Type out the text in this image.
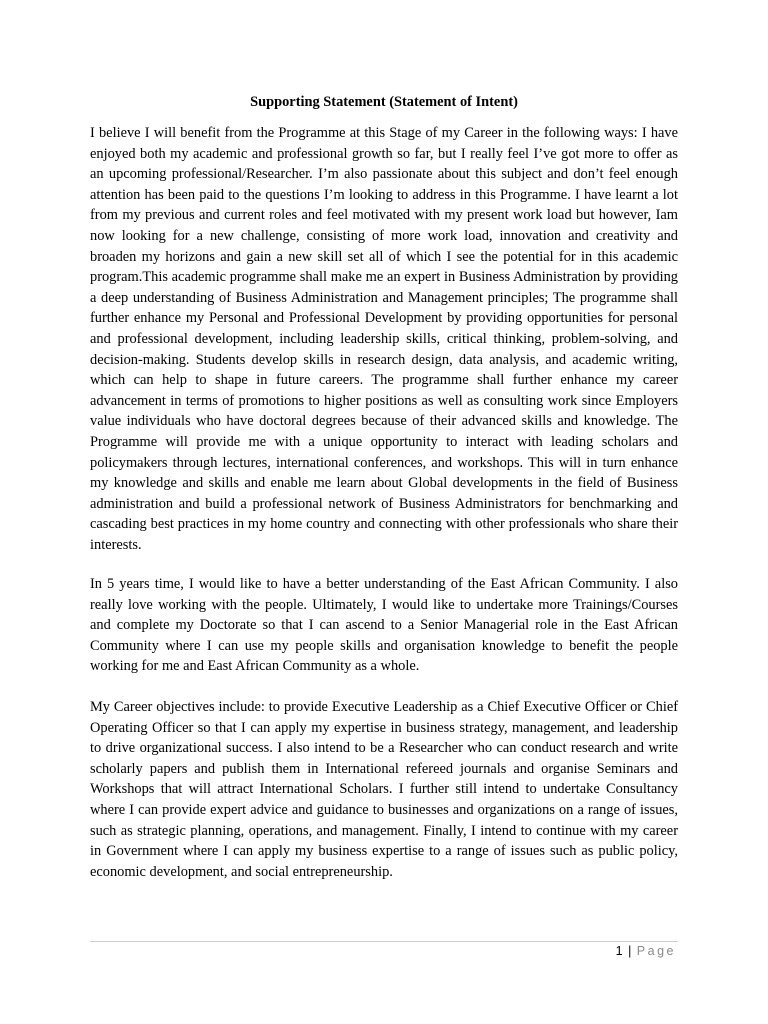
Supporting Statement (Statement of Intent)

I believe I will benefit from the Programme at this Stage of my Career in the following ways: I have enjoyed both my academic and professional growth so far, but I really feel I’ve got more to offer as an upcoming professional/Researcher. I’m also passionate about this subject and don’t feel enough attention has been paid to the questions I’m looking to address in this Programme. I have learnt a lot from my previous and current roles and feel motivated with my present work load but however, Iam now looking for a new challenge, consisting of more work load, innovation and creativity and broaden my horizons and gain a new skill set all of which I see the potential for in this academic program.This academic programme shall make me an expert in Business Administration by providing a deep understanding of Business Administration and Management principles; The programme shall further enhance my Personal and Professional Development by providing opportunities for personal and professional development, including leadership skills, critical thinking, problem-solving, and decision-making. Students develop skills in research design, data analysis, and academic writing, which can help to shape in future careers. The programme shall further enhance my career advancement in terms of promotions to higher positions as well as consulting work since Employers value individuals who have doctoral degrees because of their advanced skills and knowledge. The Programme will provide me with a unique opportunity to interact with leading scholars and policymakers through lectures, international conferences, and workshops. This will in turn enhance my knowledge and skills and enable me learn about Global developments in the field of Business administration and build a professional network of Business Administrators for benchmarking and cascading best practices in my home country and connecting with other professionals who share their interests.

In 5 years time, I would like to have a better understanding of the East African Community. I also really love working with the people. Ultimately, I would like to undertake more Trainings/Courses and complete my Doctorate so that I can ascend to a Senior Managerial role in the East African Community where I can use my people skills and organisation knowledge to benefit the people working for me and East African Community as a whole.

My Career objectives include: to provide Executive Leadership as a Chief Executive Officer or Chief Operating Officer so that I can apply my expertise in business strategy, management, and leadership to drive organizational success. I also intend to be a Researcher who can conduct research and write scholarly papers and publish them in International refereed journals and organise Seminars and Workshops that will attract International Scholars. I further still intend to undertake Consultancy where I can provide expert advice and guidance to businesses and organizations on a range of issues, such as strategic planning, operations, and management. Finally, I intend to continue with my career in Government where I can apply my business expertise to a range of issues such as public policy, economic development, and social entrepreneurship.

1 | Page
